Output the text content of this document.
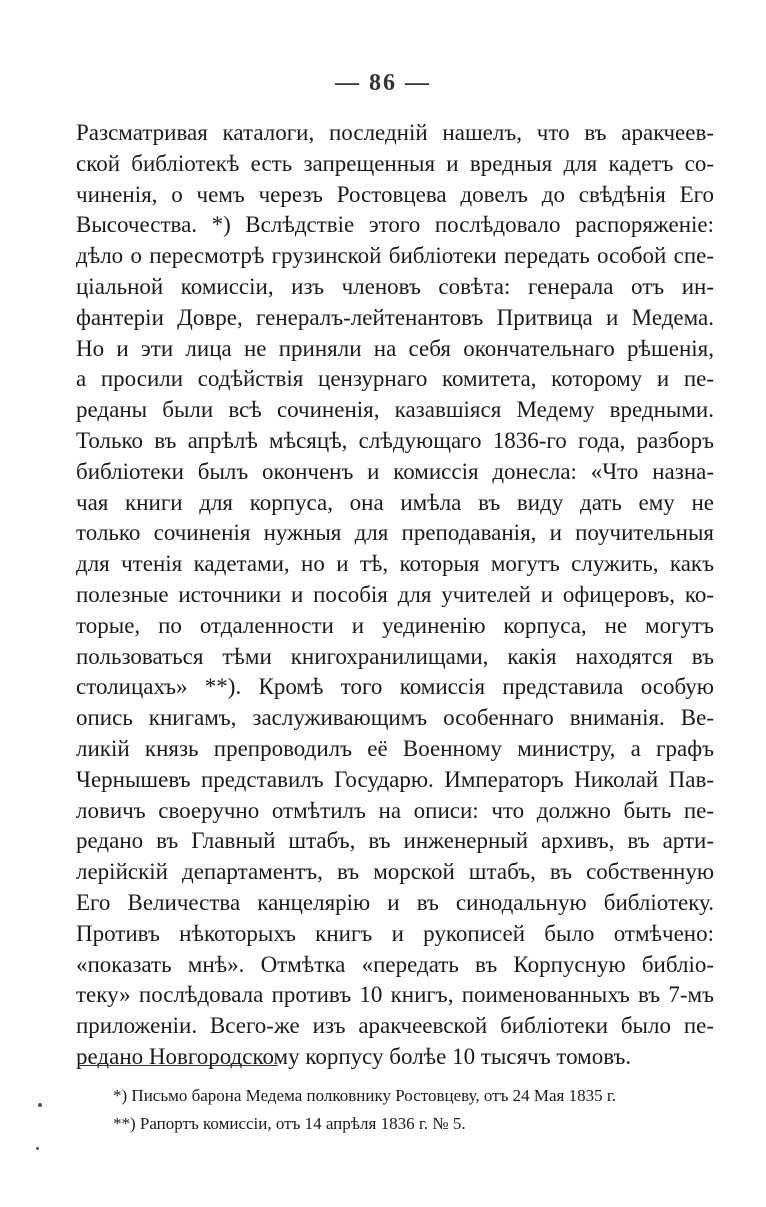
— 86 —
Разсматривая каталоги, последній нашелъ, что въ аракчеев-
ской библіотекѣ есть запрещенныя и вредныя для кадетъ со-
чиненія, о чемъ черезъ Ростовцева довелъ до свѣдѣнія Его
Высочества. *) Вслѣдствіе этого послѣдовало распоряженіе:
дѣло о пересмотрѣ грузинской библіотеки передать особой спе-
ціальной комиссіи, изъ членовъ совѣта: генерала отъ ин-
фантеріи Довре, генералъ-лейтенантовъ Притвица и Медема.
Но и эти лица не приняли на себя окончательнаго рѣшенія,
а просили содѣйствія цензурнаго комитета, которому и пе-
реданы были всѣ сочиненія, казавшіяся Медему вредными.
Только въ апрѣлѣ мѣсяцѣ, слѣдующаго 1836-го года, разборъ
библіотеки былъ оконченъ и комиссія донесла: «Что назна-
чая книги для корпуса, она имѣла въ виду дать ему не
только сочиненія нужныя для преподаванія, и поучительныя
для чтенія кадетами, но и тѣ, которыя могутъ служить, какъ
полезные источники и пособія для учителей и офицеровъ, ко-
торые, по отдаленности и уединенію корпуса, не могутъ
пользоваться тѣми книгохранилищами, какія находятся въ
столицахъ» **). Кромѣ того комиссія представила особую
опись книгамъ, заслуживающимъ особеннаго вниманія. Ве-
ликій князь препроводилъ её Военному министру, а графъ
Чернышевъ представилъ Государю. Императоръ Николай Пав-
ловичъ своеручно отмѣтилъ на описи: что должно быть пе-
редано въ Главный штабъ, въ инженерный архивъ, въ арти-
лерійскій департаментъ, въ морской штабъ, въ собственную
Его Величества канцелярію и въ синодальную библіотеку.
Противъ нѣкоторыхъ книгъ и рукописей было отмѣчено:
«показать мнѣ». Отмѣтка «передать въ Корпусную библіо-
теку» послѣдовала противъ 10 книгъ, поименованныхъ въ 7-мъ
приложеніи. Всего-же изъ аракчеевской библіотеки было пе-
редано Новгородскому корпусу болѣе 10 тысячъ томовъ.
*) Письмо барона Медема полковнику Ростовцеву, отъ 24 Мая 1835 г.
**) Рапортъ комиссіи, отъ 14 апрѣля 1836 г. № 5.
